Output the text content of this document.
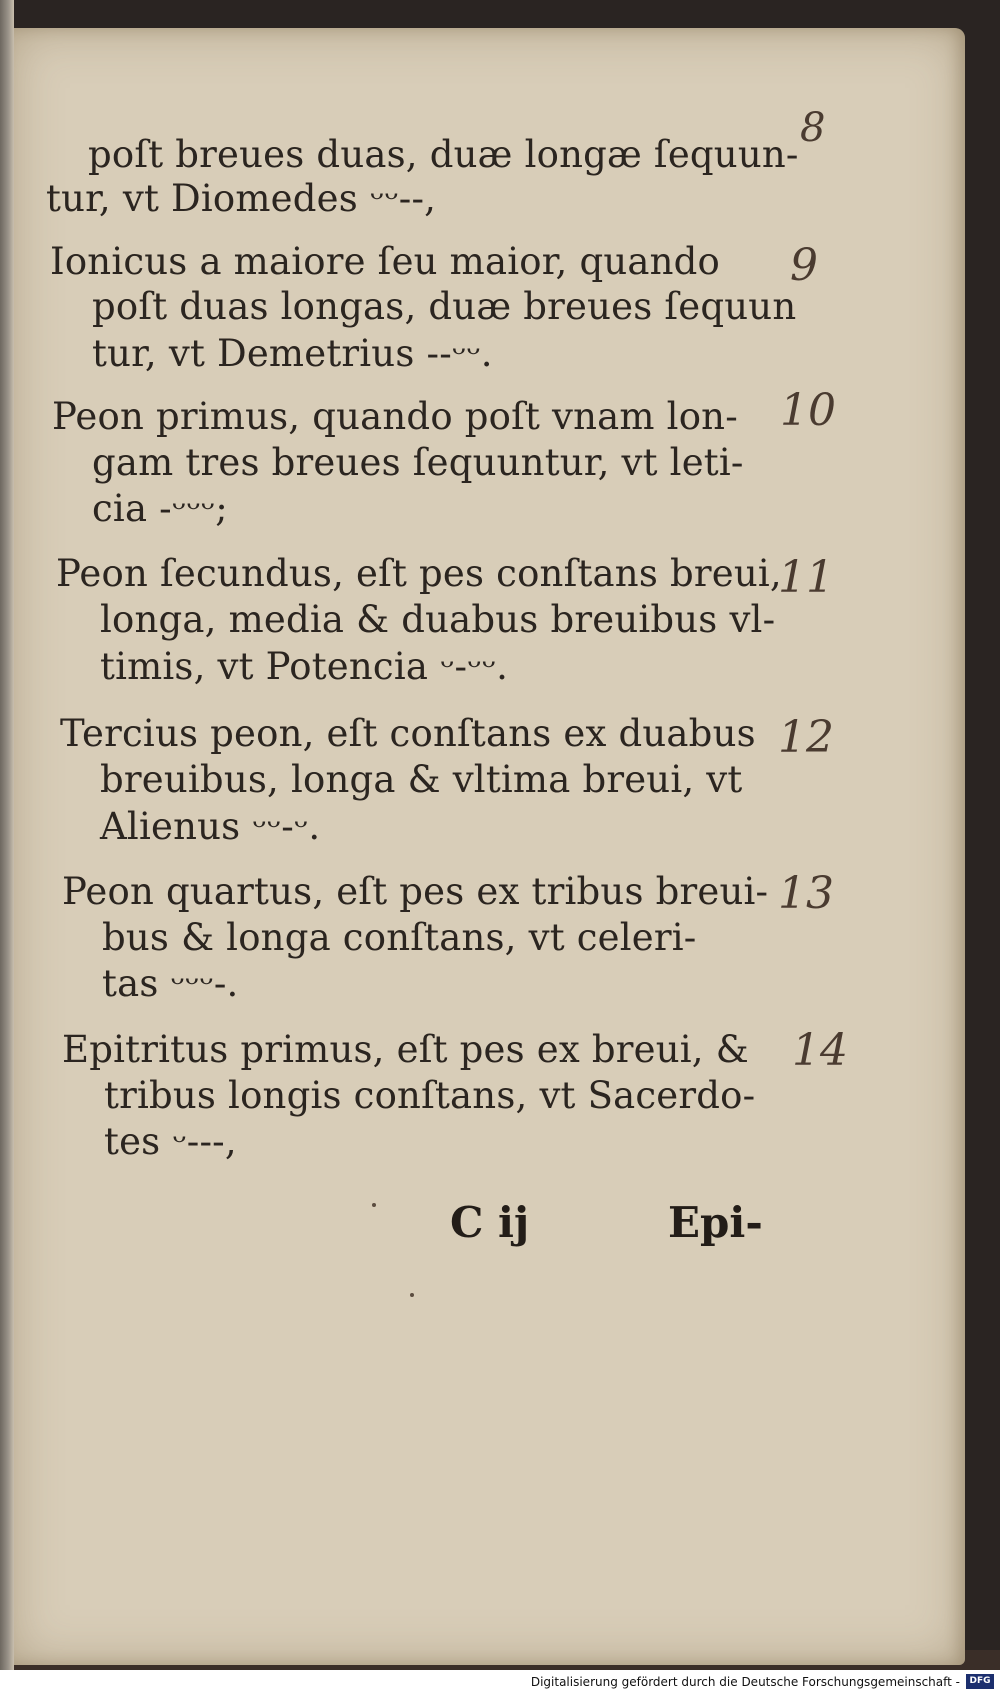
8
poſt breues duas, duæ longæ ſequun-
tur, vt Diomedes ᵕᵕ--,
Ionicus a maiore ſeu maior, quando
poſt duas longas, duæ breues ſequun
tur, vt Demetrius --ᵕᵕ.
Peon primus, quando poſt vnam lon-
gam tres breues ſequuntur, vt leti-
cia -ᵕᵕᵕ;
Peon ſecundus, eſt pes conſtans breui,
longa, media & duabus breuibus vl-
timis, vt Potencia ᵕ-ᵕᵕ.
Tercius peon, eſt conſtans ex duabus
breuibus, longa & vltima breui, vt
Alienus ᵕᵕ-ᵕ.
Peon quartus, eſt pes ex tribus breui-
bus & longa conſtans, vt celeri-
tas ᵕᵕᵕ-.
Epitritus primus, eſt pes ex breui, &
tribus longis conſtans, vt Sacerdo-
tes ᵕ---,
9
10
11
12
13
14
C ij	Epi-
Digitalisierung gefördert durch die Deutsche Forschungsgemeinschaft -	DFG
